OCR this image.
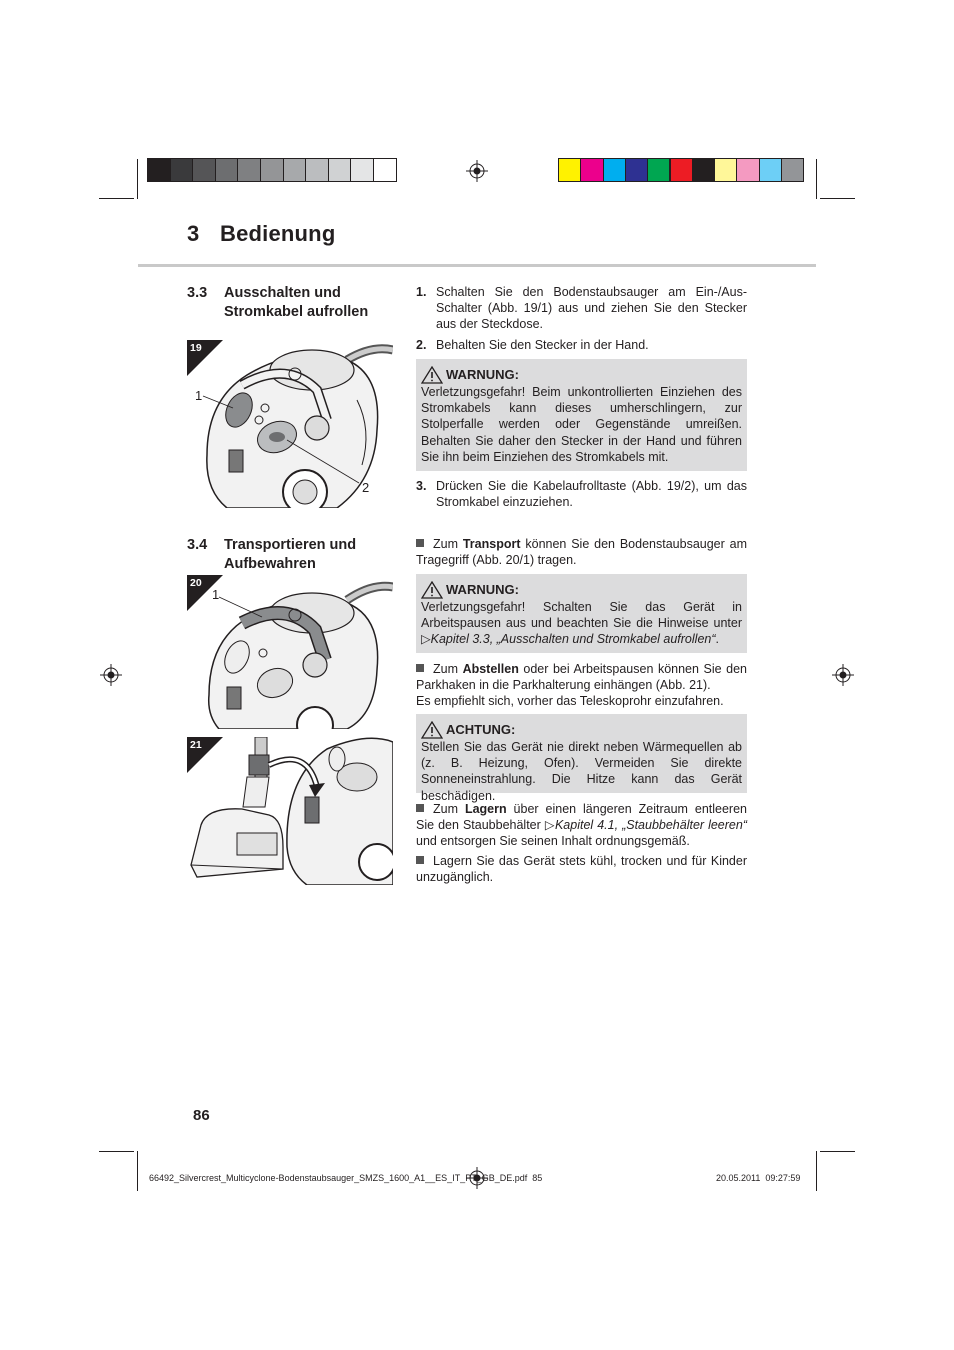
3 Bedienung
3.3 Ausschalten und Stromkabel aufrollen
19
1
2
1. Schalten Sie den Bodenstaubsauger am Ein-/Aus-Schalter (Abb. 19/1) aus und ziehen Sie den Stecker aus der Steckdose.
2. Behalten Sie den Stecker in der Hand.
WARNUNG:
Verletzungsgefahr! Beim unkontrollierten Einziehen des Stromkabels kann dieses umherschlingern, zur Stolperfalle werden oder Gegenstände umreißen. Behalten Sie daher den Stecker in der Hand und führen Sie ihn beim Einziehen des Stromkabels mit.
3. Drücken Sie die Kabelaufrolltaste (Abb. 19/2), um das Stromkabel einzuziehen.
3.4 Transportieren und Aufbewahren
20
1
21
Zum Transport können Sie den Bodenstaubsauger am Tragegriff (Abb. 20/1) tragen.
WARNUNG:
Verletzungsgefahr! Schalten Sie das Gerät in Arbeitspausen aus und beachten Sie die Hinweise unter ▷Kapitel 3.3, „Ausschalten und Stromkabel aufrollen“.
Zum Abstellen oder bei Arbeitspausen können Sie den Parkhaken in die Parkhalterung einhängen (Abb. 21).
Es empfiehlt sich, vorher das Teleskoprohr einzufahren.
ACHTUNG:
Stellen Sie das Gerät nie direkt neben Wärmequellen ab (z. B. Heizung, Ofen). Vermeiden Sie direkte Sonneneinstrahlung. Die Hitze kann das Gerät beschädigen.
Zum Lagern über einen längeren Zeitraum entleeren Sie den Staubbehälter ▷Kapitel 4.1, „Staubbehälter leeren“ und entsorgen Sie seinen Inhalt ordnungsgemäß.
Lagern Sie das Gerät stets kühl, trocken und für Kinder unzugänglich.
86
66492_Silvercrest_Multicyclone-Bodenstaubsauger_SMZS_1600_A1__ES_IT_PT_GB_DE.pdf 85	20.05.2011 09:27:59
